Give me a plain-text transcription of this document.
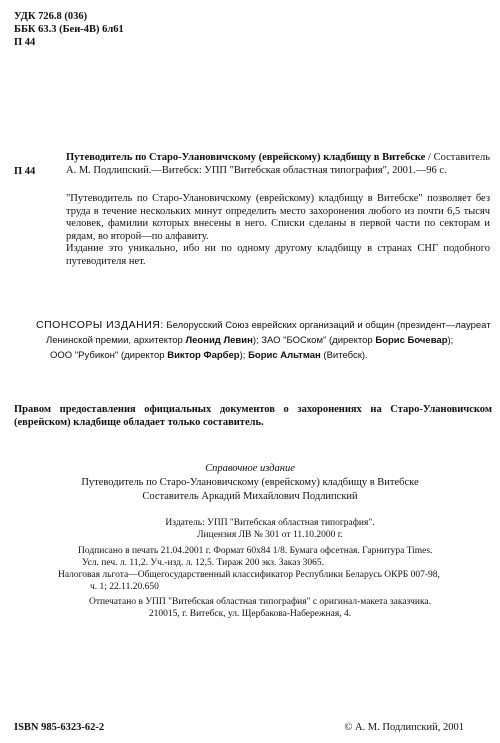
УДК 726.8 (036)
ББК 63.3 (Беи-4В) 6л61
П 44
П 44
Путеводитель по Старо-Улановичскому (еврейскому) кладбищу в Витебске / Составитель А. М. Подлипский.—Витебск: УПП "Витебская областная типография", 2001.—96 с.

"Путеводитель по Старо-Улановичскому (еврейскому) кладбищу в Витебске" позволяет без труда в течение нескольких минут определить место захоронения любого из почти 6,5 тысяч человек, фамилии которых внесены в него. Списки сделаны в первой части по секторам и рядам, во второй—по алфавиту.

Издание это уникально, ибо ни по одному другому кладбищу в странах СНГ подобного путеводителя нет.

СПОНСОРЫ ИЗДАНИЯ: Белорусский Союз еврейских организаций и общин (президент—лауреат
Ленинской премии, архитектор Леонид Левин); ЗАО "БОСком" (директор Борис Бочевар);
ООО "Рубикон" (директор Виктор Фарбер); Борис Альтман (Витебск).
Правом предоставления официальных документов о захоронениях на Старо-Улановичском (еврейском) кладбище обладает только составитель.
Справочное издание
Путеводитель по Старо-Улановичскому (еврейскому) кладбищу в Витебске
Составитель Аркадий Михайлович Подлипский
Издатель: УПП "Витебская областная типография".
Лицензия ЛВ № 301 от 11.10.2000 г.
Подписано в печать 21.04.2001 г. Формат 60х84 1/8. Бумага офсетная. Гарнитура Times.
Усл. печ. л. 11,2. Уч.-изд. л. 12,5. Тираж 200 экз. Заказ 3065.
Налоговая льгота—Общегосударственный классификатор Республики Беларусь ОКРБ 007-98,
ч. 1; 22.11.20.650
Отпечатано в УПП "Витебская областная типография" с оригинал-макета заказчика.
210015, г. Витебск, ул. Щербакова-Набережная, 4.
ISBN 985-6323-62-2	© А. М. Подлипский, 2001
